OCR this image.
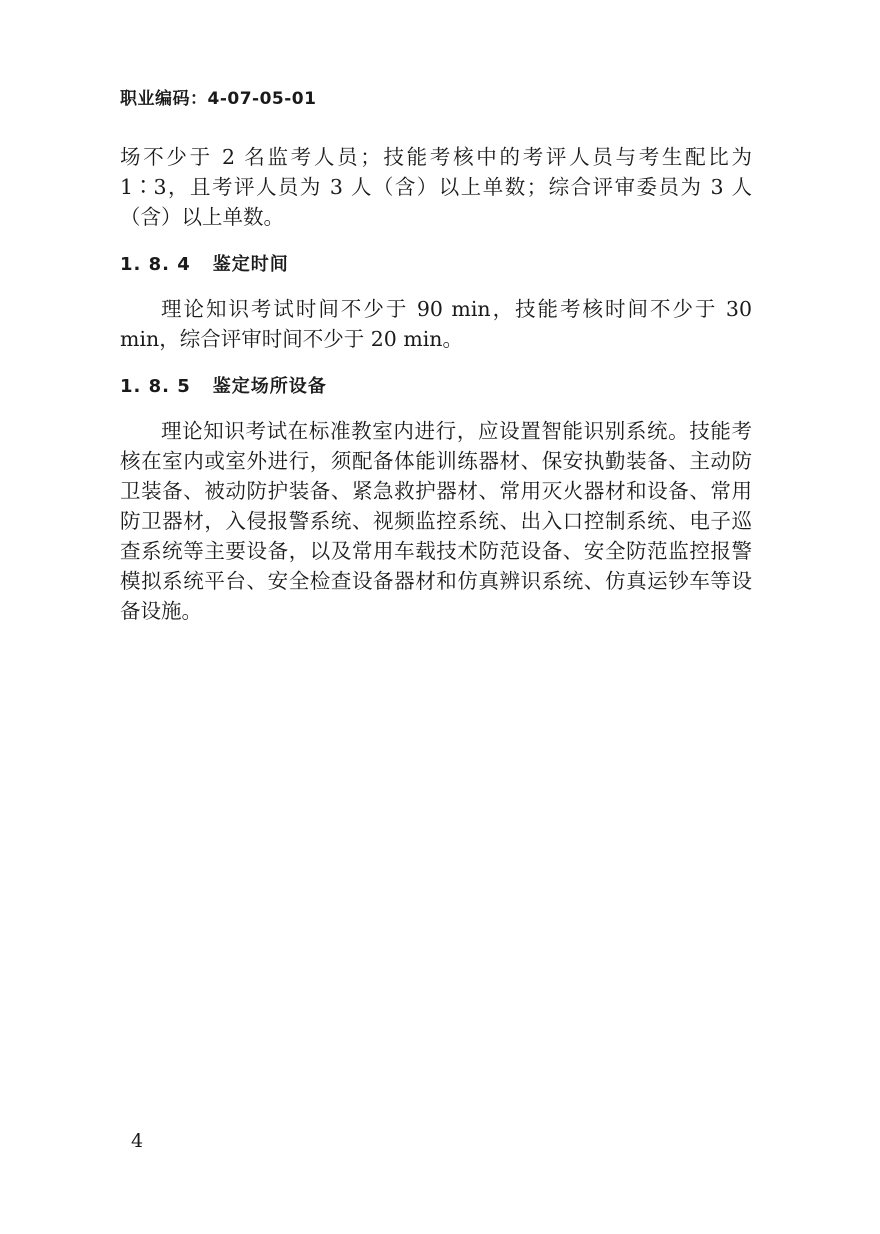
职业编码：4-07-05-01

场不少于 2 名监考人员；技能考核中的考评人员与考生配比为 1∶3，且考评人员为 3 人（含）以上单数；综合评审委员为 3 人（含）以上单数。

1. 8. 4 鉴定时间

理论知识考试时间不少于 90 min，技能考核时间不少于 30 min，综合评审时间不少于 20 min。

1. 8. 5 鉴定场所设备

理论知识考试在标准教室内进行，应设置智能识别系统。技能考核在室内或室外进行，须配备体能训练器材、保安执勤装备、主动防卫装备、被动防护装备、紧急救护器材、常用灭火器材和设备、常用防卫器材，入侵报警系统、视频监控系统、出入口控制系统、电子巡查系统等主要设备，以及常用车载技术防范设备、安全防范监控报警模拟系统平台、安全检查设备器材和仿真辨识系统、仿真运钞车等设备设施。

4
